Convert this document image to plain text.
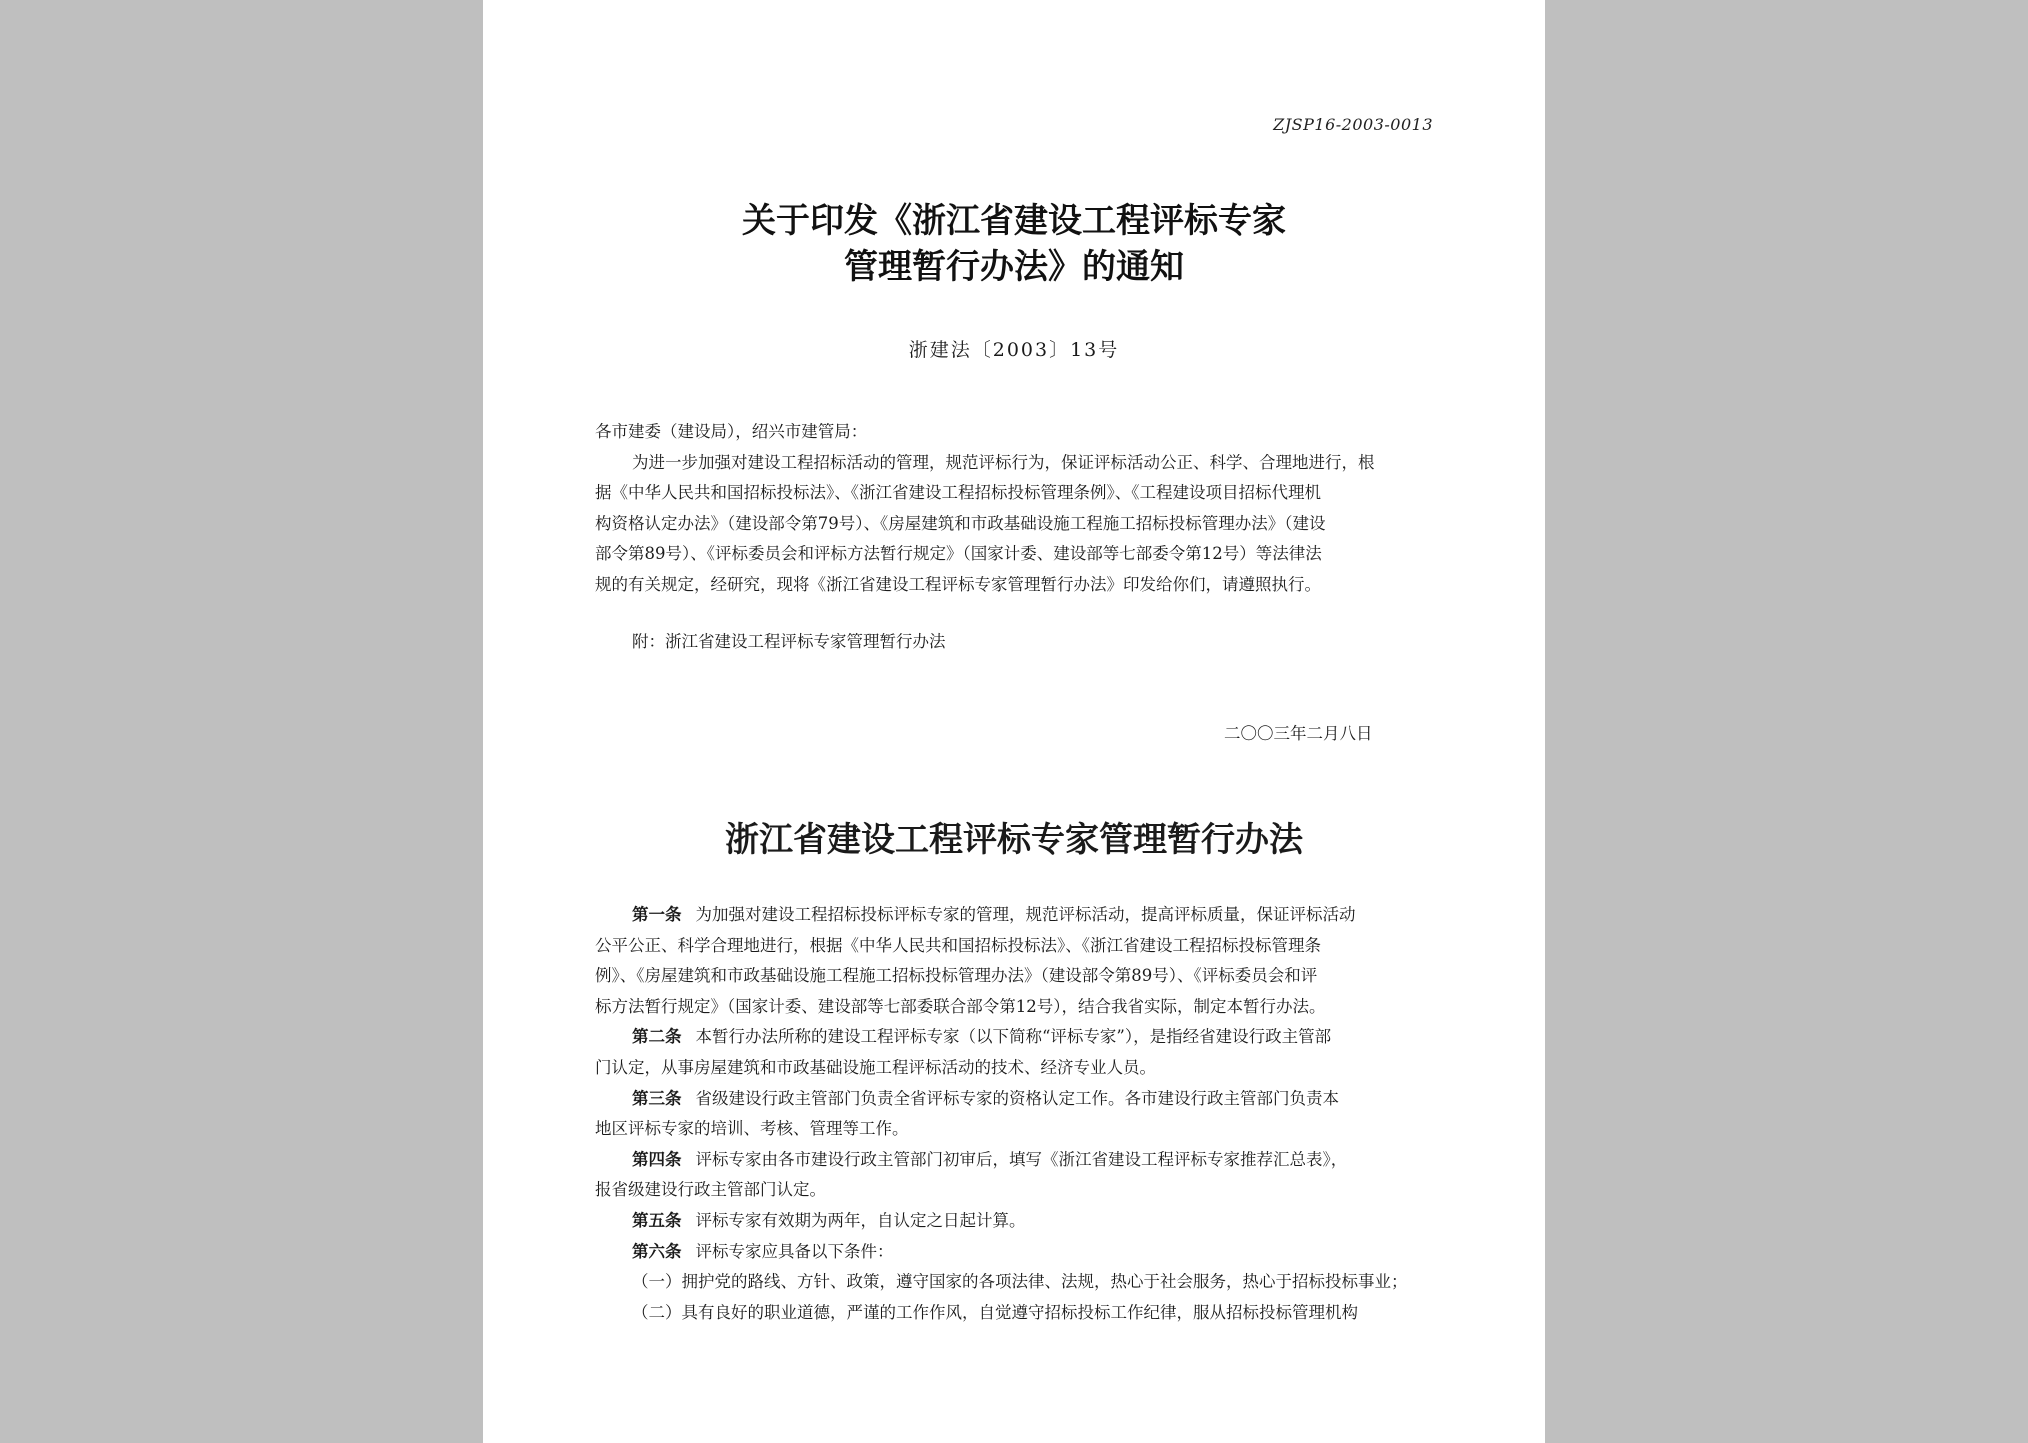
ZJSP16-2003-0013
关于印发《浙江省建设工程评标专家
管理暂行办法》的通知
浙建法〔2003〕13号
各市建委（建设局），绍兴市建管局：
为进一步加强对建设工程招标活动的管理，规范评标行为，保证评标活动公正、科学、合理地进行，根
据《中华人民共和国招标投标法》、《浙江省建设工程招标投标管理条例》、《工程建设项目招标代理机
构资格认定办法》（建设部令第79号）、《房屋建筑和市政基础设施工程施工招标投标管理办法》（建设
部令第89号）、《评标委员会和评标方法暂行规定》（国家计委、建设部等七部委令第12号）等法律法
规的有关规定，经研究，现将《浙江省建设工程评标专家管理暂行办法》印发给你们，请遵照执行。
附：浙江省建设工程评标专家管理暂行办法
二〇〇三年二月八日
浙江省建设工程评标专家管理暂行办法
第一条 为加强对建设工程招标投标评标专家的管理，规范评标活动，提高评标质量，保证评标活动
公平公正、科学合理地进行，根据《中华人民共和国招标投标法》、《浙江省建设工程招标投标管理条
例》、《房屋建筑和市政基础设施工程施工招标投标管理办法》（建设部令第89号）、《评标委员会和评
标方法暂行规定》（国家计委、建设部等七部委联合部令第12号），结合我省实际，制定本暂行办法。
第二条 本暂行办法所称的建设工程评标专家（以下简称“评标专家”），是指经省建设行政主管部
门认定，从事房屋建筑和市政基础设施工程评标活动的技术、经济专业人员。
第三条 省级建设行政主管部门负责全省评标专家的资格认定工作。各市建设行政主管部门负责本
地区评标专家的培训、考核、管理等工作。
第四条 评标专家由各市建设行政主管部门初审后，填写《浙江省建设工程评标专家推荐汇总表》，
报省级建设行政主管部门认定。
第五条 评标专家有效期为两年，自认定之日起计算。
第六条 评标专家应具备以下条件：
（一）拥护党的路线、方针、政策，遵守国家的各项法律、法规，热心于社会服务，热心于招标投标事业；
（二）具有良好的职业道德，严谨的工作作风，自觉遵守招标投标工作纪律，服从招标投标管理机构
